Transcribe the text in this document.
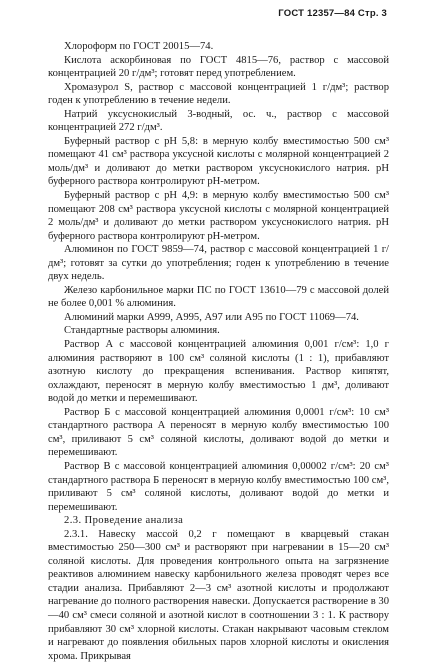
ГОСТ 12357—84 Стр. 3

Хлороформ по ГОСТ 20015—74.

Кислота аскорбиновая по ГОСТ 4815—76, раствор с массовой концентрацией 20 г/дм³; готовят перед употреблением.

Хромазурол S, раствор с массовой концентрацией 1 г/дм³; раствор годен к употреблению в течение недели.

Натрий уксуснокислый 3-водный, ос. ч., раствор с массовой концентрацией 272 г/дм³.

Буферный раствор с pH 5,8: в мерную колбу вместимостью 500 см³ помещают 41 см³ раствора уксусной кислоты с молярной концентрацией 2 моль/дм³ и доливают до метки раствором уксуснокислого натрия. pH буферного раствора контролируют pH-метром.

Буферный раствор с pH 4,9: в мерную колбу вместимостью 500 см³ помещают 208 см³ раствора уксусной кислоты с молярной концентрацией 2 моль/дм³ и доливают до метки раствором уксуснокислого натрия. pH буферного раствора контролируют pH-метром.

Алюминон по ГОСТ 9859—74, раствор с массовой концентрацией 1 г/дм³; готовят за сутки до употребления; годен к употреблению в течение двух недель.

Железо карбонильное марки ПС по ГОСТ 13610—79 с массовой долей не более 0,001 % алюминия.

Алюминий марки А999, А995, А97 или А95 по ГОСТ 11069—74.

Стандартные растворы алюминия.

Раствор А с массовой концентрацией алюминия 0,001 г/см³: 1,0 г алюминия растворяют в 100 см³ соляной кислоты (1 : 1), прибавляют азотную кислоту до прекращения вспенивания. Раствор кипятят, охлаждают, переносят в мерную колбу вместимостью 1 дм³, доливают водой до метки и перемешивают.

Раствор Б с массовой концентрацией алюминия 0,0001 г/см³: 10 см³ стандартного раствора А переносят в мерную колбу вместимостью 100 см³, приливают 5 см³ соляной кислоты, доливают водой до метки и перемешивают.

Раствор В с массовой концентрацией алюминия 0,00002 г/см³: 20 см³ стандартного раствора Б переносят в мерную колбу вместимостью 100 см³, приливают 5 см³ соляной кислоты, доливают водой до метки и перемешивают.

2.3. Проведение анализа

2.3.1. Навеску массой 0,2 г помещают в кварцевый стакан вместимостью 250—300 см³ и растворяют при нагревании в 15—20 см³ соляной кислоты. Для проведения контрольного опыта на загрязнение реактивов алюминием навеску карбонильного железа проводят через все стадии анализа. Прибавляют 2—3 см³ азотной кислоты и продолжают нагревание до полного растворения навески. Допускается растворение в 30—40 см³ смеси соляной и азотной кислот в соотношении 3 : 1. К раствору прибавляют 30 см³ хлорной кислоты. Стакан накрывают часовым стеклом и нагревают до появления обильных паров хлорной кислоты и окисления хрома. Прикрывая
